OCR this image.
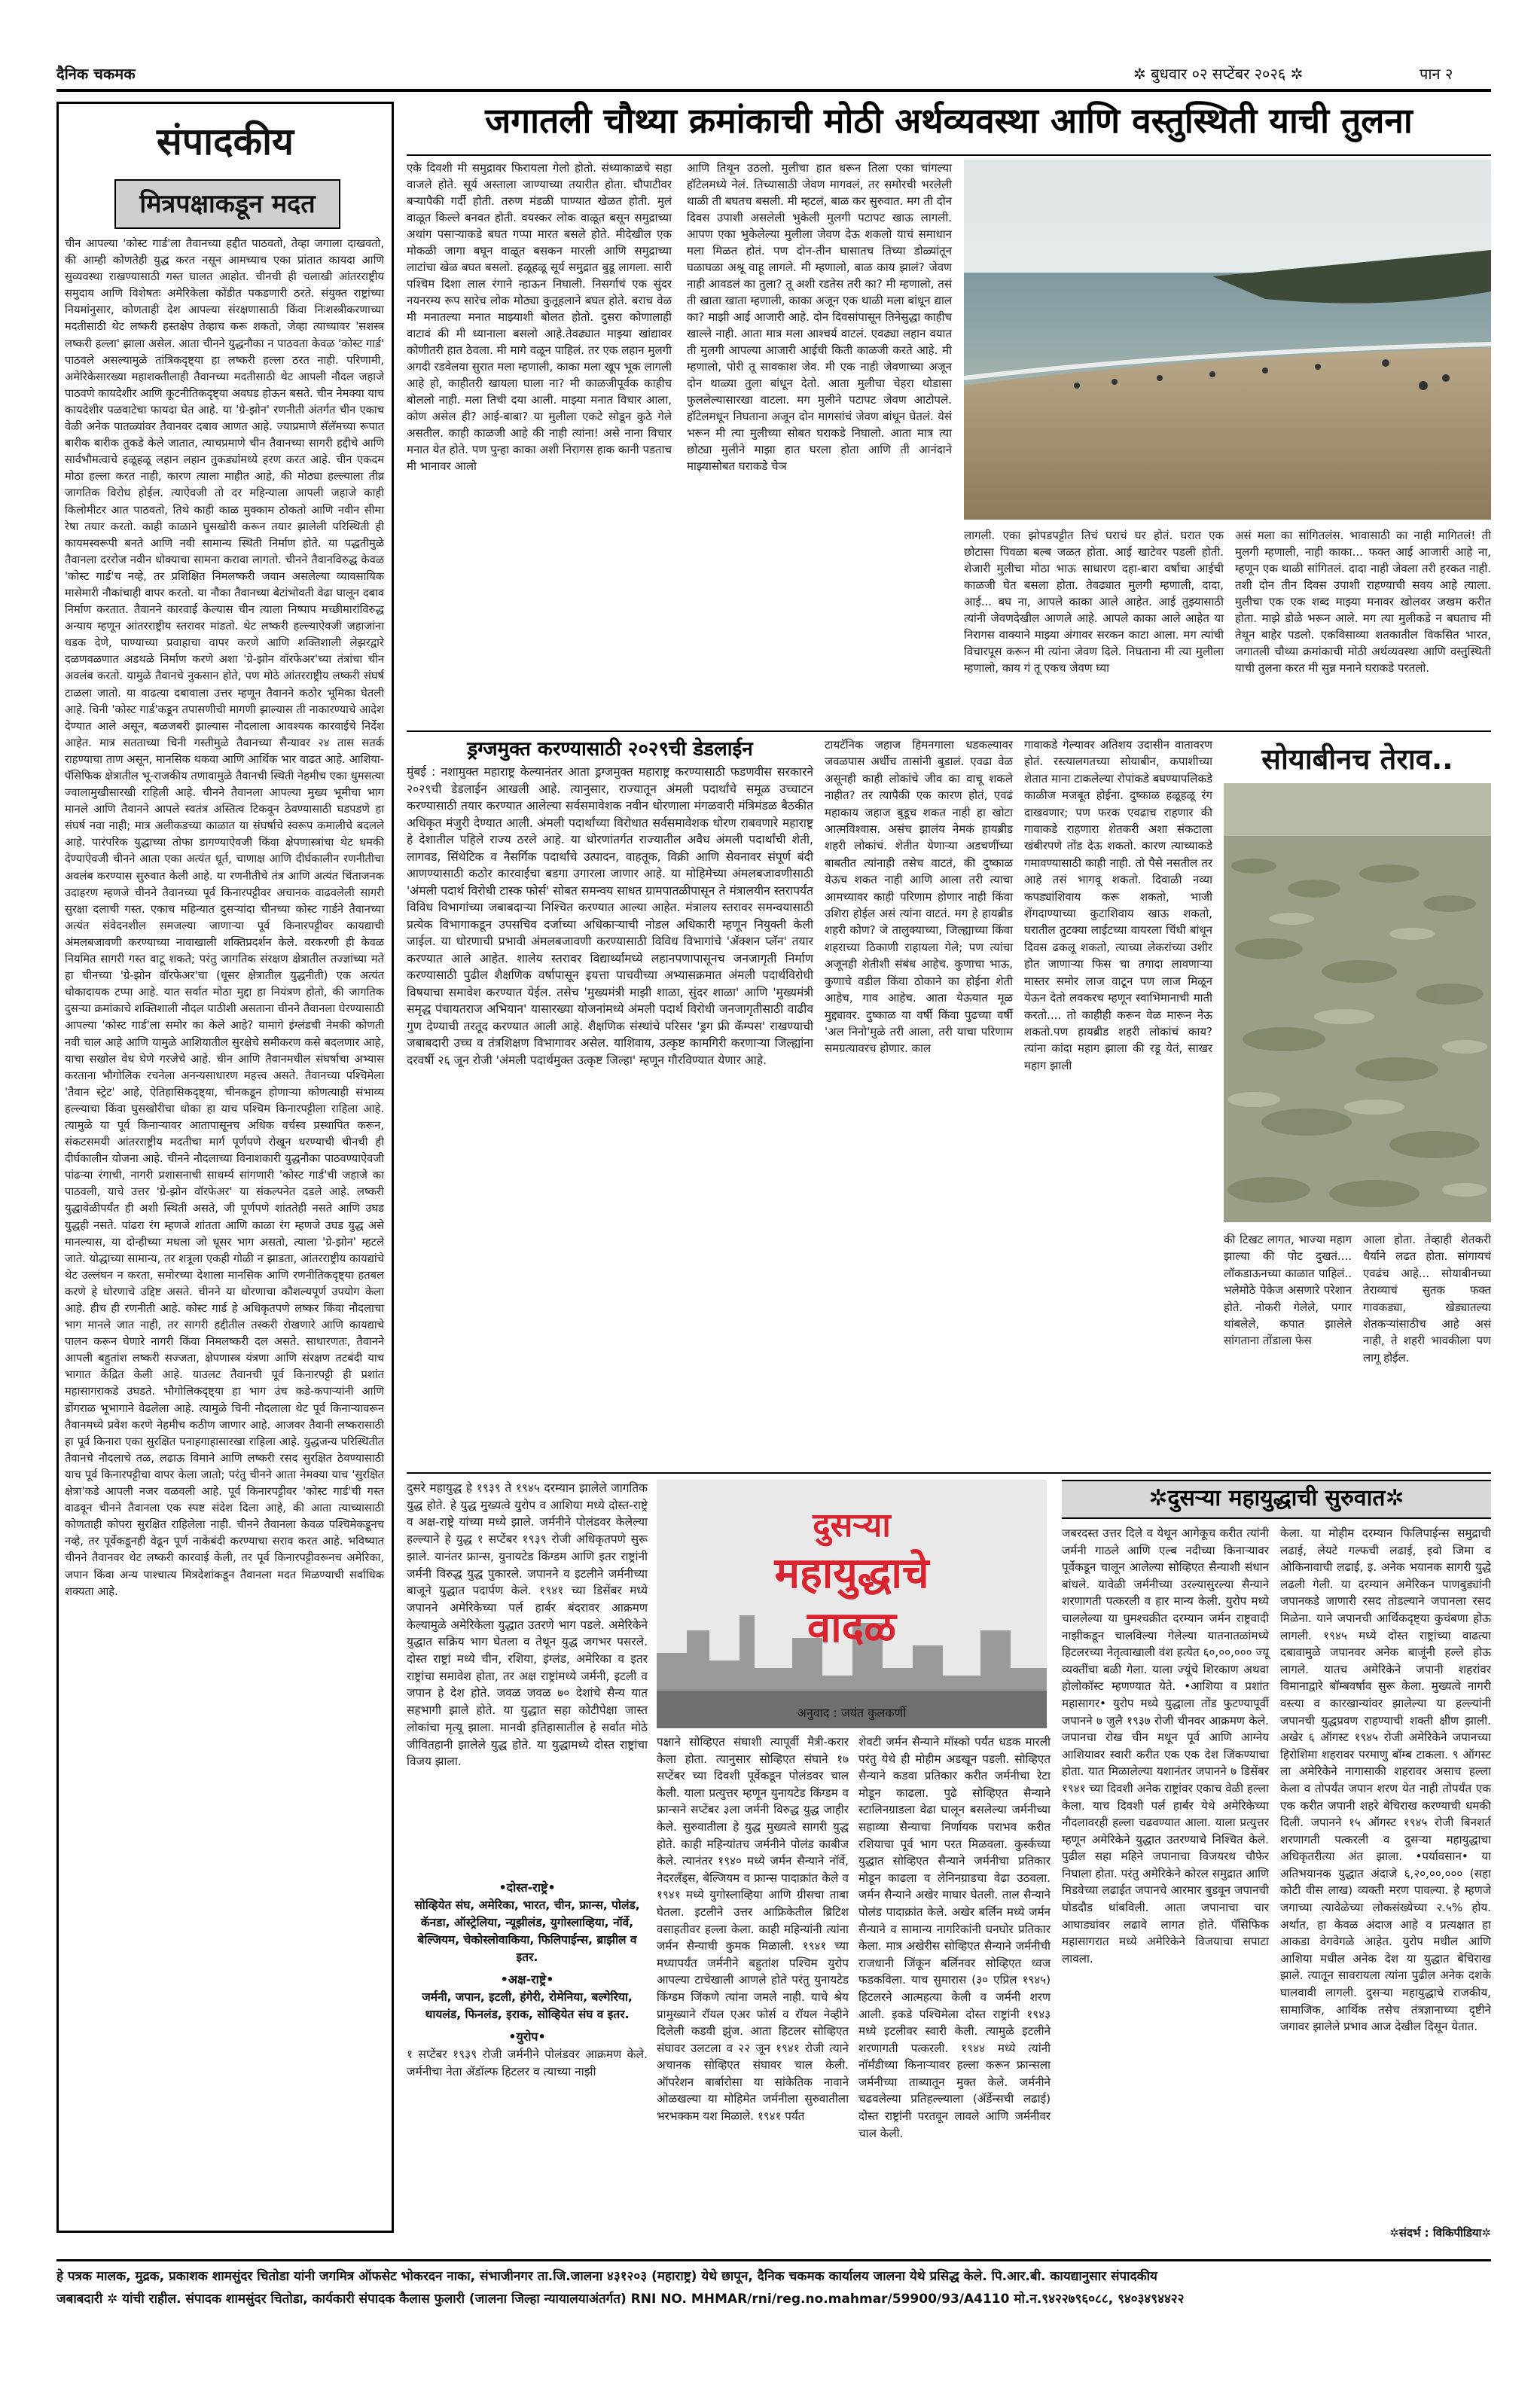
दैनिक चकमक	✲ बुधवार ०२ सप्टेंबर २०२६ ✲	पान २
संपादकीय
मित्रपक्षाकडून मदत
चीन आपल्या 'कोस्ट गार्ड'ला तैवानच्या हद्दीत पाठवतो, तेव्हा जगाला दाखवतो, की आम्ही कोणतेही युद्ध करत नसून आमच्याच एका प्रांतात कायदा आणि सुव्यवस्था राखण्यासाठी गस्त घालत आहोत. चीनची ही चलाखी आंतरराष्ट्रीय समुदाय आणि विशेषतः अमेरिकेला कोंडीत पकडणारी ठरते. संयुक्त राष्ट्रांच्या नियमांनुसार, कोणताही देश आपल्या संरक्षणासाठी किंवा निःशस्त्रीकरणाच्या मदतीसाठी थेट लष्करी हस्तक्षेप तेव्हाच करू शकतो, जेव्हा त्याच्यावर 'सशस्त्र लष्करी हल्ला' झाला असेल. आता चीनने युद्धनौका न पाठवता केवळ 'कोस्ट गार्ड' पाठवले असल्यामुळे तांत्रिकदृष्ट्या हा लष्करी हल्ला ठरत नाही. परिणामी, अमेरिकेसारख्या महाशक्तीलाही तैवानच्या मदतीसाठी थेट आपली नौदल जहाजे पाठवणे कायदेशीर आणि कूटनीतिकदृष्ट्या अवघड होऊन बसते. चीन नेमक्या याच कायदेशीर पळवाटेचा फायदा घेत आहे. या 'ग्रे-झोन' रणनीती अंतर्गत चीन एकाच वेळी अनेक पातळ्यांवर तैवानवर दबाव आणत आहे. ज्याप्रमाणे सॅलॅमच्या रूपात बारीक बारीक तुकडे केले जातात, त्याचप्रमाणे चीन तैवानच्या सागरी हद्दीचे आणि सार्वभौमत्वाचे हळूहळू लहान लहान तुकड्यांमध्ये हरण करत आहे. चीन एकदम मोठा हल्ला करत नाही, कारण त्याला माहीत आहे, की मोठ्या हल्ल्याला तीव्र जागतिक विरोध होईल. त्याऐवजी तो दर महिन्याला आपली जहाजे काही किलोमीटर आत पाठवतो, तिथे काही काळ मुक्काम ठोकतो आणि नवीन सीमा रेषा तयार करतो. काही काळाने घुसखोरी करून तयार झालेली परिस्थिती ही कायमस्वरूपी बनते आणि नवी सामान्य स्थिती निर्माण होते. या पद्धतीमुळे तैवानला दररोज नवीन धोक्याचा सामना करावा लागतो. चीनने तैवानविरुद्ध केवळ 'कोस्ट गार्ड'च नव्हे, तर प्रशिक्षित निमलष्करी जवान असलेल्या व्यावसायिक मासेमारी नौकांचाही वापर करतो. या नौका तैवानच्या बेटांभोवती वेढा घालून दबाव निर्माण करतात. तैवानने कारवाई केल्यास चीन त्याला निष्पाप मच्छीमारांविरुद्ध अन्याय म्हणून आंतरराष्ट्रीय स्तरावर मांडतो. थेट लष्करी हल्ल्याऐवजी जहाजांना धडक देणे, पाण्याच्या प्रवाहाचा वापर करणे आणि शक्तिशाली लेझरद्वारे दळणवळणात अडथळे निर्माण करणे अशा 'ग्रे-झोन वॉरफेअर'च्या तंत्रांचा चीन अवलंब करतो. यामुळे तैवानचे नुकसान होते, पण मोठे आंतरराष्ट्रीय लष्करी संघर्ष टाळला जातो. या वाढत्या दबावाला उत्तर म्हणून तैवानने कठोर भूमिका घेतली आहे. चिनी 'कोस्ट गार्ड'कडून तपासणीची मागणी झाल्यास ती नाकारण्याचे आदेश देण्यात आले असून, बळजबरी झाल्यास नौदलाला आवश्यक कारवाईचे निर्देश आहेत. मात्र सतताच्या चिनी गस्तीमुळे तैवानच्या सैन्यावर २४ तास सतर्क राहण्याचा ताण असून, मानसिक थकवा आणि आर्थिक भार वाढत आहे. आशिया-पॅसिफिक क्षेत्रातील भू-राजकीय तणावामुळे तैवानची स्थिती नेहमीच एका धुमसत्या ज्वालामुखीसारखी राहिली आहे. चीनने तैवानला आपल्या मुख्य भूमीचा भाग मानले आणि तैवानने आपले स्वतंत्र अस्तित्व टिकवून ठेवण्यासाठी घडपडणे हा संघर्ष नवा नाही; मात्र अलीकडच्या काळात या संघर्षाचे स्वरूप कमालीचे बदलले आहे. पारंपरिक युद्धाच्या तोफा डागण्याऐवजी किंवा क्षेपणास्त्रांचा थेट धमकी देण्याऐवजी चीनने आता एका अत्यंत धूर्त, चाणाक्ष आणि दीर्घकालीन रणनीतीचा अवलंब करण्यास सुरुवात केली आहे. या रणनीतीचे तंत्र आणि अत्यंत चिंताजनक उदाहरण म्हणजे चीनने तैवानच्या पूर्व किनारपट्टीवर अचानक वाढवलेली सागरी सुरक्षा दलाची गस्त. एकाच महिन्यात दुसऱ्यांदा चीनच्या कोस्ट गार्डने तैवानच्या अत्यंत संवेदनशील समजल्या जाणाऱ्या पूर्व किनारपट्टीवर कायद्याची अंमलबजावणी करण्याच्या नावाखाली शक्तिप्रदर्शन केले. वरकरणी ही केवळ नियमित सागरी गस्त वाटू शकते; परंतु जागतिक संरक्षण क्षेत्रातील तज्ज्ञांच्या मते हा चीनच्या 'ग्रे-झोन वॉरफेअर'चा (धूसर क्षेत्रातील युद्धनीती) एक अत्यंत धोकादायक टप्पा आहे. यात सर्वात मोठा मुद्दा हा नियंत्रण होतो, की जागतिक दुसऱ्या क्रमांकाचे शक्तिशाली नौदल पाठीशी असताना चीनने तैवानला घेरण्यासाठी आपल्या 'कोस्ट गार्ड'ला समोर का केले आहे? यामागे इंग्लंडची नेमकी कोणती नवी चाल आहे आणि यामुळे आशियातील सुरक्षेचे समीकरण कसे बदलणार आहे, याचा सखोल वेध घेणे गरजेचे आहे. चीन आणि तैवानमधील संघर्षाचा अभ्यास करताना भौगोलिक रचनेला अनन्यसाधारण महत्त्व असते. तैवानच्या पश्चिमेला 'तैवान स्ट्रेट' आहे, ऐतिहासिकदृष्ट्या, चीनकडून होणाऱ्या कोणत्याही संभाव्य हल्ल्याचा किंवा घुसखोरीचा धोका हा याच पश्चिम किनारपट्टीला राहिला आहे. त्यामुळे या पूर्व किनाऱ्यावर आतापासूनच अधिक वर्चस्व प्रस्थापित करून, संकटसमयी आंतरराष्ट्रीय मदतीचा मार्ग पूर्णपणे रोखून धरण्याची चीनची ही दीर्घकालीन योजना आहे. चीनने नौदलाच्या विनाशकारी युद्धनौका पाठवण्याऐवजी पांढऱ्या रंगाची, नागरी प्रशासनाची साधर्म्य सांगणारी 'कोस्ट गार्ड'ची जहाजे का पाठवली, याचे उत्तर 'ग्रे-झोन वॉरफेअर' या संकल्पनेत दडले आहे. लष्करी युद्धावेळीपर्यंत ही अशी स्थिती असते, जी पूर्णपणे शांततेही नसते आणि उघड युद्धही नसते. पांढरा रंग म्हणजे शांतता आणि काळा रंग म्हणजे उघड युद्ध असे मानल्यास, या दोन्हीच्या मधला जो धूसर भाग असतो, त्याला 'ग्रे-झोन' म्हटले जाते. योद्धाच्या सामान्य, तर शत्रूला एकही गोळी न झाडता, आंतरराष्ट्रीय कायद्यांचे थेट उल्लंघन न करता, समोरच्या देशाला मानसिक आणि रणनीतिकदृष्ट्या हतबल करणे हे धोरणाचे उद्दिष्ट असते. चीनने या धोरणाचा कौशल्यपूर्ण उपयोग केला आहे. हीच ही रणनीती आहे. कोस्ट गार्ड हे अधिकृतपणे लष्कर किंवा नौदलाचा भाग मानले जात नाही, तर सागरी हद्दीतील तस्करी रोखणारे आणि कायद्याचे पालन करून घेणारे नागरी किंवा निमलष्करी दल असते. साधारणतः, तैवानने आपली बहुतांश लष्करी सज्जता, क्षेपणास्त्र यंत्रणा आणि संरक्षण तटबंदी याच भागात केंद्रित केली आहे. याउलट तैवानची पूर्व किनारपट्टी ही प्रशांत महासागराकडे उघडते. भौगोलिकदृष्ट्या हा भाग उंच कडे-कपाऱ्यांनी आणि डोंगराळ भूभागाने वेढलेला आहे. त्यामुळे चिनी नौदलाला थेट पूर्व किनाऱ्यावरून तैवानमध्ये प्रवेश करणे नेहमीच कठीण जाणार आहे. आजवर तैवानी लष्करासाठी हा पूर्व किनारा एका सुरक्षित पनाहगाहासारखा राहिला आहे. युद्धजन्य परिस्थितीत तैवानचे नौदलाचे तळ, लढाऊ विमाने आणि लष्करी रसद सुरक्षित ठेवण्यासाठी याच पूर्व किनारपट्टीचा वापर केला जातो; परंतु चीनने आता नेमक्या याच 'सुरक्षित क्षेत्रा'कडे आपली नजर वळवली आहे. पूर्व किनारपट्टीवर 'कोस्ट गार्ड'ची गस्त वाढवून चीनने तैवानला एक स्पष्ट संदेश दिला आहे, की आता त्याच्यासाठी कोणताही कोपरा सुरक्षित राहिलेला नाही. चीनने तैवानला केवळ पश्चिमेकडूनच नव्हे, तर पूर्वेकडूनही वेढून पूर्ण नाकेबंदी करण्याचा सराव करत आहे. भविष्यात चीनने तैवानवर थेट लष्करी कारवाई केली, तर पूर्व किनारपट्टीवरूनच अमेरिका, जपान किंवा अन्य पाश्चात्य मित्रदेशांकडून तैवानला मदत मिळण्याची सर्वाधिक शक्यता आहे.
जगातली चौथ्या क्रमांकाची मोठी अर्थव्यवस्था आणि वस्तुस्थिती याची तुलना
एके दिवशी मी समुद्रावर फिरायला गेलो होतो. संध्याकाळचे सहा वाजले होते. सूर्य अस्ताला जाण्याच्या तयारीत होता. चौपाटीवर बऱ्यापैकी गर्दी होती. तरुण मंडळी पाण्यात खेळत होती. मुलं वाळूत किल्ले बनवत होती. वयस्कर लोक वाळूत बसून समुद्राच्या अथांग पसाऱ्याकडे बघत गप्पा मारत बसले होते. मीदेखील एक मोकळी जागा बघून वाळूत बसकन मारली आणि समुद्राच्या लाटांचा खेळ बघत बसलो. हळूहळू सूर्य समुद्रात बुडू लागला. सारी पश्चिम दिशा लाल रंगाने न्हाऊन निघाली. निसर्गाचं एक सुंदर नयनरम्य रूप सारेच लोक मोठ्या कुतूहलाने बघत होते. बराच वेळ मी मनातल्या मनात माझ्याशी बोलत होतो. दुसरा कोणालाही वाटावं की मी ध्यानाला बसलो आहे.तेवढ्यात माझ्या खांद्यावर कोणीतरी हात ठेवला. मी मागे वळून पाहिलं. तर एक लहान मुलगी अगदी रडवेलया सुरात मला म्हणाली, काका मला खूप भूक लागली आहे हो, काहीतरी खायला घाला ना? मी काळजीपूर्वक काहीच बोललो नाही. मला तिची दया आली. माझ्या मनात विचार आला, कोण असेल ही? आई-बाबा? या मुलीला एकटे सोडून कुठे गेले असतील. काही काळजी आहे की नाही त्यांना! असे नाना विचार मनात येत होते. पण पुन्हा काका अशी निरागस हाक कानी पडताच मी भानावर आलो
आणि तिथून उठलो. मुलीचा हात धरून तिला एका चांगल्या हॉटेलमध्ये नेलं. तिच्यासाठी जेवण मागवलं, तर समोरची भरलेली थाळी ती बघतच बसली. मी म्हटलं, बाळ कर सुरुवात. मग ती दोन दिवस उपाशी असलेली भुकेली मुलगी पटापट खाऊ लागली. आपण एका भुकेलेल्या मुलीला जेवण देऊ शकलो याचं समाधान मला मिळत होतं. पण दोन-तीन घासातच तिच्या डोळ्यांतून घळाघळा अश्रू वाहू लागले. मी म्हणालो, बाळ काय झालं? जेवण नाही आवडलं का तुला? तू अशी रडतेस तरी का? मी म्हणालो, तसं ती खाता खाता म्हणाली, काका अजून एक थाळी मला बांधून द्याल का? माझी आई आजारी आहे. दोन दिवसांपासून तिनेसुद्धा काहीच खाल्ले नाही. आता मात्र मला आश्चर्य वाटलं. एवढ्या लहान वयात ती मुलगी आपल्या आजारी आईची किती काळजी करते आहे. मी म्हणालो, पोरी तू सावकाश जेव. मी एक नाही जेवणाच्या अजून दोन थाळ्या तुला बांधून देतो. आता मुलीचा चेहरा थोडासा फुललेल्यासारखा वाटला. मग मुलीने पटापट जेवण आटोपले. हॉटेलमधून निघताना अजून दोन मागसांचं जेवण बांधून घेतलं. येसं भरून मी त्या मुलीच्या सोबत घराकडे निघालो. आता मात्र त्या छोट्या मुलीने माझा हात घरला होता आणि ती आनंदाने माझ्यासोबत घराकडे चेञ
लागली. एका झोपडपट्टीत तिचं घराचं घर होतं. घरात एक छोटासा पिवळा बल्ब जळत होता. आई खाटेवर पडली होती. शेजारी मुलीचा मोठा भाऊ साधारण दहा-बारा वर्षाचा आईची काळजी घेत बसला होता. तेवढ्यात मुलगी म्हणाली, दादा, आई... बघ ना, आपले काका आले आहेत. आई तुझ्यासाठी त्यांनी जेवणदेखील आणले आहे. आपले काका आले आहेत या निरागस वाक्याने माझ्या अंगावर सरकन काटा आला. मग त्यांची विचारपूस करून मी त्यांना जेवण दिले. निघताना मी त्या मुलीला म्हणालो, काय गं तू एकच जेवण घ्या
असं मला का सांगितलंस. भावासाठी का नाही मागितलं! ती मुलगी म्हणाली, नाही काका... फक्त आई आजारी आहे ना, म्हणून एक थाळी सांगितलं. दादा नाही जेवला तरी हरकत नाही. तशी दोन तीन दिवस उपाशी राहण्याची सवय आहे त्याला. मुलीचा एक एक शब्द माझ्या मनावर खोलवर जखम करीत होता. माझे डोळे भरून आले. मग त्या मुलीकडे न बघताच मी तेथून बाहेर पडलो. एकविसाव्या शतकातील विकसित भारत, जगातली चौथ्या क्रमांकाची मोठी अर्थव्यवस्था आणि वस्तुस्थिती याची तुलना करत मी सुन्न मनाने घराकडे परतलो.
ड्रग्जमुक्त करण्यासाठी २०२९ची डेडलाईन
मुंबई : नशामुक्त महाराष्ट्र केल्यानंतर आता ड्रग्जमुक्त महाराष्ट्र करण्यासाठी फडणवीस सरकारने २०२९ची डेडलाईन आखली आहे. त्यानुसार, राज्यातून अंमली पदार्थांचे समूळ उच्चाटन करण्यासाठी तयार करण्यात आलेल्या सर्वसमावेशक नवीन धोरणाला मंगळवारी मंत्रिमंडळ बैठकीत अधिकृत मंजुरी देण्यात आली. अंमली पदार्थांच्या विरोधात सर्वसमावेशक धोरण राबवणारे महाराष्ट्र हे देशातील पहिले राज्य ठरले आहे. या धोरणांतर्गत राज्यातील अवैध अंमली पदार्थांची शेती, लागवड, सिंथेटिक व नैसर्गिक पदार्थांचे उत्पादन, वाहतूक, विक्री आणि सेवनावर संपूर्ण बंदी आणण्यासाठी कठोर कारवाईचा बडगा उगारला जाणार आहे. या मोहिमेच्या अंमलबजावणीसाठी 'अंमली पदार्थ विरोधी टास्क फोर्स' सोबत समन्वय साधत ग्रामपातळीपासून ते मंत्रालयीन स्तरापर्यंत विविध विभागांच्या जबाबदाऱ्या निश्चित करण्यात आल्या आहेत. मंत्रालय स्तरावर समन्वयासाठी प्रत्येक विभागाकडून उपसचिव दर्जाच्या अधिकाऱ्याची नोडल अधिकारी म्हणून नियुक्ती केली जाईल. या धोरणाची प्रभावी अंमलबजावणी करण्यासाठी विविध विभागांचे 'ॲक्शन प्लॅन' तयार करण्यात आले आहेत. शालेय स्तरावर विद्यार्थ्यांमध्ये लहानपणापासूनच जनजागृती निर्माण करण्यासाठी पुढील शैक्षणिक वर्षापासून इयत्ता पाचवीच्या अभ्यासक्रमात अंमली पदार्थविरोधी विषयाचा समावेश करण्यात येईल. तसेच 'मुख्यमंत्री माझी शाळा, सुंदर शाळा' आणि 'मुख्यमंत्री समृद्ध पंचायतराज अभियान' यासारख्या योजनांमध्ये अंमली पदार्थ विरोधी जनजागृतीसाठी वाढीव गुण देण्याची तरतूद करण्यात आली आहे. शैक्षणिक संस्थांचे परिसर 'ड्रग फ्री कॅम्पस' राखण्याची जबाबदारी उच्च व तंत्रशिक्षण विभागावर असेल. याशिवाय, उत्कृष्ट कामगिरी करणाऱ्या जिल्ह्यांना दरवर्षी २६ जून रोजी 'अंमली पदार्थमुक्त उत्कृष्ट जिल्हा' म्हणून गौरविण्यात येणार आहे.
टायटॅनिक जहाज हिमनगाला धडकल्यावर जवळपास अर्धीच तासांनी बुडालं. एवढा वेळ असूनही काही लोकांचे जीव का वाचू शकले नाहीत? तर त्यापैकी एक कारण होतं, एवढं महाकाय जहाज बुडूच शकत नाही हा खोटा आत्मविश्वास. असंच झालंय नेमकं हायब्रीड शहरी लोकांचं. शेतीत येणाऱ्या अडचणींच्या बाबतीत त्यांनाही तसेच वाटतं, की दुष्काळ येऊच शकत नाही आणि आला तरी त्याचा आमच्यावर काही परिणाम होणार नाही किंवा उशिरा होईल असं त्यांना वाटतं. मग हे हायब्रीड शहरी कोण? जे तालुक्याच्या, जिल्ह्याच्या किंवा शहराच्या ठिकाणी राहायला गेले; पण त्यांचा अजूनही शेतीशी संबंध आहेच. कुणाचा भाऊ, कुणाचे वडील किंवा ठोकाने का होईना शेती आहेच, गाव आहेच. आता येऊयात मूळ मुद्द्यावर. दुष्काळ या वर्षी किंवा पुढच्या वर्षी 'अल निनो'मुळे तरी आला, तरी याचा परिणाम समग्रत्यावरच होणार. काल
गावाकडे गेल्यावर अतिशय उदासीन वातावरण होतं. रस्त्यालगतच्या सोयाबीन, कपाशीच्या शेतात माना टाकलेल्या रोपांकडे बघण्यापलिकडे काळीज मजबूत होईना. दुष्काळ हळूहळू रंग दाखवणार; पण फरक एवढाच राहणार की गावाकडे राहणारा शेतकरी अशा संकटाला खंबीरपणे तोंड देऊ शकतो. कारण त्याच्याकडे गमावण्यासाठी काही नाही. तो पैसे नसतील तर आहे तसं भागवू शकतो. दिवाळी नव्या कपड्यांशिवाय करू शकतो, भाजी शेंगदाण्याच्या कुटाशिवाय खाऊ शकतो, घरातील तुटक्या लाईटच्या वायरला चिंधी बांधून दिवस ढकलू शकतो, त्याच्या लेकरांच्या उशीर होत जाणाऱ्या फिस चा तगादा लावणाऱ्या मास्तर समोर लाज वाटून पण लाज मिळून येऊन देतो लवकरच म्हणून स्वाभिमानाची माती करतो.... तो काहीही करून वेळ मारून नेऊ शकतो.पण हायब्रीड शहरी लोकांचं काय? त्यांना कांदा महाग झाला की रडू येतं, साखर महाग झाली
सोयाबीनच तेराव..
की टिखट लागत, भाज्या महाग झाल्या की पोट दुखतं.... लॉकडाऊनच्या काळात पाहिलं.. भलेमोठे पेकेज असणारे परेशान होते. नोकरी गेलेले, पगार थांबलेले, कपात झालेले सांगताना तोंडाला फेस
आला होता. तेव्हाही शेतकरी धैर्याने लढत होता. सांगायचं एवढंच आहे... सोयाबीनच्या तेराव्याचं सुतक फक्त गावकड्या, खेड्यातल्या शेतकऱ्यांसाठीच आहे असं नाही, ते शहरी भावकीला पण लागू होईल.
दुसरे महायुद्ध हे १९३९ ते १९४५ दरम्यान झालेले जागतिक युद्ध होते. हे युद्ध मुख्यत्वे युरोप व आशिया मध्ये दोस्त-राष्ट्रे व अक्ष-राष्ट्रे यांच्या मध्ये झाले. जर्मनीने पोलंडवर केलेल्या हल्ल्याने हे युद्ध १ सप्टेंबर १९३९ रोजी अधिकृतपणे सुरू झाले. यानंतर फ्रान्स, युनायटेड किंग्डम आणि इतर राष्ट्रांनी जर्मनी विरुद्ध युद्ध पुकारले. जपानने व इटलीने जर्मनीच्या बाजूने युद्धात पदार्पण केले. १९४१ च्या डिसेंबर मध्ये जपानने अमेरिकेच्या पर्ल हार्बर बंदरावर आक्रमण केल्यामुळे अमेरिकेला युद्धात उतरणे भाग पडले. अमेरिकेने युद्धात सक्रिय भाग घेतला व तेथून युद्ध जगभर पसरले. दोस्त राष्ट्रां मध्ये चीन, रशिया, इंग्लंड, अमेरिका व इतर राष्ट्रांचा समावेश होता, तर अक्ष राष्ट्रांमध्ये जर्मनी, इटली व जपान हे देश होते. जवळ जवळ ७० देशांचे सैन्य यात सहभागी झाले होते. या युद्धात सहा कोटीपेक्षा जास्त लोकांचा मृत्यू झाला. मानवी इतिहासातील हे सर्वात मोठे जीवितहानी झालेले युद्ध होते. या युद्धामध्ये दोस्त राष्ट्रांचा विजय झाला.
दुसऱ्या
महायुद्धाचे
वादळ
अनुवाद : जयंत कुलकर्णी
•दोस्त-राष्ट्रे•
सोव्हियेत संघ, अमेरिका, भारत, चीन, फ्रान्स, पोलंड, कॅनडा, ऑस्ट्रेलिया, न्यूझीलंड, युगोस्लाव्हिया, नॉर्वे, बेल्जियम, चेकोस्लोवाकिया, फिलिपाईन्स, ब्राझील व इतर.
•अक्ष-राष्ट्रे•
जर्मनी, जपान, इटली, हंगेरी, रोमेनिया, बल्गेरिया, थायलंड, फिनलंड, इराक, सोव्हियेत संघ व इतर.
•युरोप•
१ सप्टेंबर १९३९ रोजी जर्मनीने पोलंडवर आक्रमण केले. जर्मनीचा नेता ॲडॉल्फ हिटलर व त्याच्या नाझी
पक्षाने सोव्हिएत संघाशी त्यापूर्वी मैत्री-करार केला होता. त्यानुसार सोव्हिएत संघाने १७ सप्टेंबर च्या दिवशी पूर्वेकडून पोलंडवर चाल केली. याला प्रत्युत्तर म्हणून युनायटेड किंग्डम व फ्रान्सने सप्टेंबर ३ला जर्मनी विरुद्ध युद्ध जाहीर केले. सुरुवातीला हे युद्ध मुख्यत्वे सागरी युद्ध होते. काही महिन्यांतच जर्मनीने पोलंड काबीज केले. त्यानंतर १९४० मध्ये जर्मन सैन्याने नॉर्वे, नेदरलँड्स, बेल्जियम व फ्रान्स पादाक्रांत केले व १९४१ मध्ये युगोस्लाव्हिया आणि ग्रीसचा ताबा घेतला. इटलीने उत्तर आफ्रिकेतील ब्रिटिश वसाहतीवर हल्ला केला. काही महिन्यांनी त्यांना जर्मन सैन्याची कुमक मिळाली. १९४१ च्या मध्यापर्यंत जर्मनीने बहुतांश पश्चिम युरोप आपल्या टाचेखाली आणले होते परंतु युनायटेड किंग्डम जिंकणे त्यांना जमले नाही. याचे श्रेय प्रामुख्याने रॉयल एअर फोर्स व रॉयल नेव्हीने दिलेली कडवी झुंज. आता हिटलर सोव्हिएत संघावर उलटला व २२ जून १९४१ रोजी त्याने अचानक सोव्हिएत संघावर चाल केली. ऑपरेशन बार्बारोसा या सांकेतिक नावाने ओळखल्या या मोहिमेत जर्मनीला सुरुवातीला भरभक्कम यश मिळाले. १९४१ पर्यंत
शेवटी जर्मन सैन्याने मॉस्को पर्यंत धडक मारली परंतु येथे ही मोहीम अडखून पडली. सोव्हिएत सैन्याने कडवा प्रतिकार करीत जर्मनीचा रेटा मोडून काढला. पुढे सोव्हिएत सैन्याने स्टालिनग्राडला वेढा घालून बसलेल्या जर्मनीच्या सहाव्या सैन्याचा निर्णायक पराभव करीत रशियाचा पूर्व भाग परत मिळवला. कुर्स्कच्या युद्धात सोव्हिएत सैन्याने जर्मनीचा प्रतिकार मोडून काढला व लेनिनग्राडचा वेढा उठवला. जर्मन सैन्याने अखेर माघार घेतली. ताल सैन्याने पोलंड पादाक्रांत केले. अखेर बर्लिन मध्ये जर्मन सैन्याने व सामान्य नागरिकांनी घनघोर प्रतिकार केला. मात्र अखेरीस सोव्हिएत सैन्याने जर्मनीची राजधानी जिंकून बर्लिनवर सोव्हिएत ध्वज फडकविला. याच सुमारास (३० एप्रिल १९४५) हिटलरने आत्महत्या केली व जर्मनी शरण आली. इकडे पश्चिमेला दोस्त राष्ट्रांनी १९४३ मध्ये इटलीवर स्वारी केली. त्यामुळे इटलीने शरणागती पत्करली. १९४४ मध्ये त्यांनी नॉर्मंडीच्या किनाऱ्यावर हल्ला करून फ्रान्सला जर्मनीच्या ताब्यातून मुक्त केले. जर्मनीने चढवलेल्या प्रतिहल्ल्याला (ॲर्डेन्सची लढाई) दोस्त राष्ट्रांनी परतवून लावले आणि जर्मनीवर चाल केली.
✲दुसऱ्या महायुद्धाची सुरुवात✲
जबरदस्त उत्तर दिले व येथून आगेकूच करीत त्यांनी जर्मनी गाठले आणि एल्ब नदीच्या किनाऱ्यावर पूर्वेकडून चालून आलेल्या सोव्हिएत सैन्याशी संधान बांधले. यावेळी जर्मनीच्या उरल्यासुरल्या सैन्याने शरणागती पत्करली व हार मान्य केली. युरोप मध्ये चाललेल्या या घुमश्चक्रीत दरम्यान जर्मन राष्ट्रवादी नाझीकडून चालविल्या गेलेल्या यातनातळांमध्ये हिटलरच्या नेतृत्वाखाली वंश हत्येत ६०,००,००० ज्यू व्यक्तींचा बळी गेला. याला ज्यूंचे शिरकाण अथवा होलोकॉस्ट म्हणण्यात येते. •आशिया व प्रशांत महासागर• युरोप मध्ये युद्धाला तोंड फुटण्यापूर्वी जपानने ७ जुलै १९३७ रोजी चीनवर आक्रमण केले. जपानचा रोख चीन मधून पूर्व आणि आग्नेय आशियावर स्वारी करीत एक एक देश जिंकण्याचा होता. यात मिळालेल्या यशानंतर जपानने ७ डिसेंबर १९४१ च्या दिवशी अनेक राष्ट्रांवर एकाच वेळी हल्ला केला. याच दिवशी पर्ल हार्बर येथे अमेरिकेच्या नौदलावरही हल्ला चढवण्यात आला. याला प्रत्युत्तर म्हणून अमेरिकेने युद्धात उतरण्याचे निश्चित केले. पुढील सहा महिने जपानाचा विजयरथ चौफेर निघाला होता. परंतु अमेरिकेने कोरल समुद्रात आणि मिडवेच्या लढाईत जपानचे आरमार बुडवून जपानची घोडदौड थांबविली. आता जपानाचा चार आघाड्यांवर लढावे लागत होते. पॅसिफिक महासागरात मध्ये अमेरिकेने विजयाचा सपाटा लावला.
केला. या मोहीम दरम्यान फिलिपाईन्स समुद्राची लढाई, लेयटे गल्फची लढाई, इवो जिमा व ओकिनावाची लढाई, इ. अनेक भयानक सागरी युद्धे लढली गेली. या दरम्यान अमेरिकन पाणबुड्यांनी जपानकडे जाणारी रसद तोडल्याने जपानला रसद मिळेना. याने जपानची आर्थिकदृष्ट्या कुचंबणा होऊ लागली. १९४५ मध्ये दोस्त राष्ट्रांच्या वाढत्या दबावामुळे जपानवर अनेक बाजूंनी हल्ले होऊ लागले. यातच अमेरिकेने जपानी शहरांवर विमानाद्वारे बॉम्बवर्षाव सुरू केला. मुख्यत्वे नागरी वस्त्या व कारखान्यांवर झालेल्या या हल्ल्यांनी जपानची युद्धप्रवण राहण्याची शक्ती क्षीण झाली. अखेर ६ ऑगस्ट १९४५ रोजी अमेरिकेने जपानच्या हिरोशिमा शहरावर परमाणु बॉम्ब टाकला. ९ ऑगस्ट ला अमेरिकेने नागासाकी शहरावर असाच हल्ला केला व तोपर्यंत जपान शरण येत नाही तोपर्यंत एक एक करीत जपानी शहरे बेचिराख करण्याची धमकी दिली. जपानने १५ ऑगस्ट १९४५ रोजी बिनशर्त शरणागती पत्करली व दुसऱ्या महायुद्धाचा अधिकृतरीत्या अंत झाला. •पर्यावसान• या अतिभयानक युद्धात अंदाजे ६,२०,००,००० (सहा कोटी वीस लाख) व्यक्ती मरण पावल्या. हे म्हणजे जगाच्या त्यावेळेच्या लोकसंख्येच्या २.५% होय. अर्थात, हा केवळ अंदाज आहे व प्रत्यक्षात हा आकडा वेगवेगळे आहेत. युरोप मधील आणि आशिया मधील अनेक देश या युद्धात बेचिराख झाले. त्यातून सावरायला त्यांना पुढील अनेक दशके घालवावी लागली. दुसऱ्या महायुद्धाचे राजकीय, सामाजिक, आर्थिक तसेच तंत्रज्ञानाच्या दृष्टीने जगावर झालेले प्रभाव आज देखील दिसून येतात.
✲संदर्भ : विकिपीडिया✲
हे पत्रक मालक, मुद्रक, प्रकाशक शामसुंदर चितोडा यांनी जगमित्र ऑफसेट भोकरदन नाका, संभाजीनगर ता.जि.जालना ४३१२०३ (महाराष्ट्र) येथे छापून, दैनिक चकमक कार्यालय जालना येथे प्रसिद्ध केले. पि.आर.बी. कायद्यानुसार संपादकीय
जबाबदारी ✲ यांची राहील. संपादक शामसुंदर चितोडा, कार्यकारी संपादक कैलास फुलारी (जालना जिल्हा न्यायालयाअंतर्गत) RNI NO. MHMAR/rni/reg.no.mahmar/59900/93/A4110 मो.न.९४२२७९६०८८, ९४०३४९४४२२
